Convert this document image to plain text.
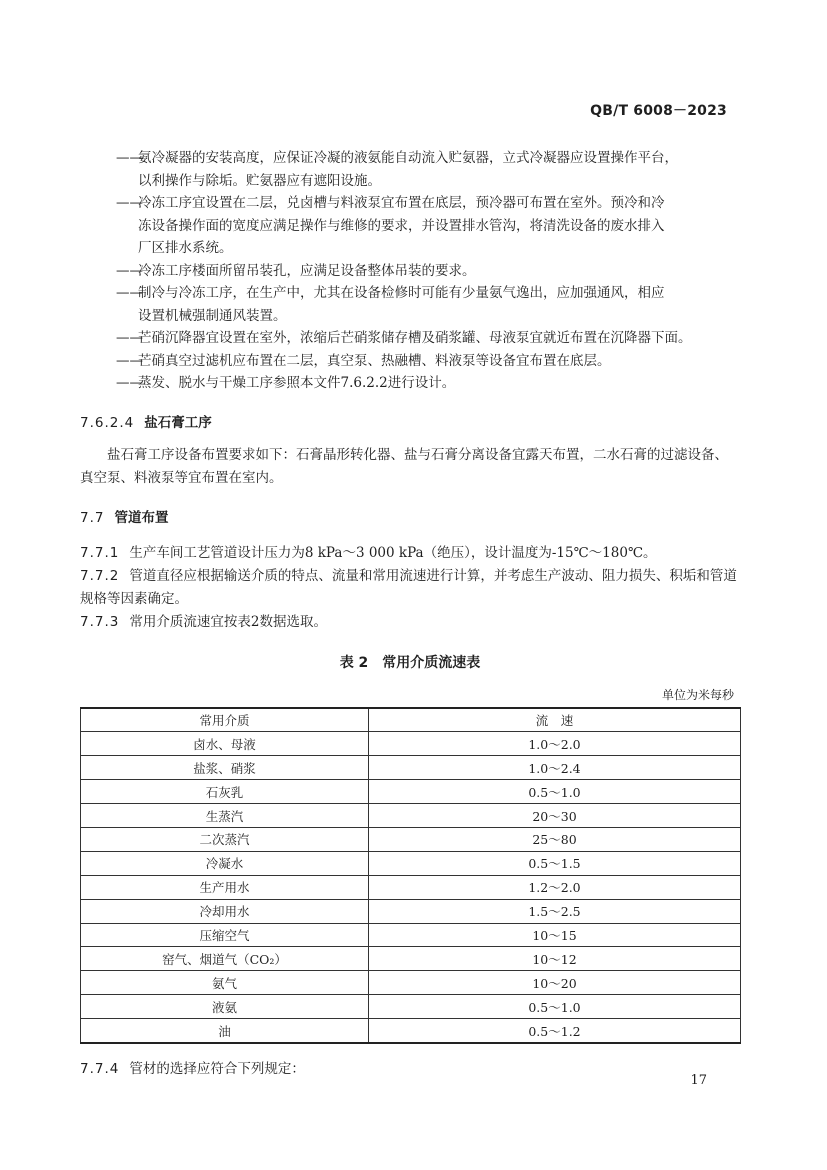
QB/T 6008－2023

——
氨冷凝器的安装高度，应保证冷凝的液氨能自动流入贮氨器，立式冷凝器应设置操作平台，
以利操作与除垢。贮氨器应有遮阳设施。

——
冷冻工序宜设置在二层，兑卤槽与料液泵宜布置在底层，预冷器可布置在室外。预冷和冷
冻设备操作面的宽度应满足操作与维修的要求，并设置排水管沟，将清洗设备的废水排入
厂区排水系统。

——
冷冻工序楼面所留吊装孔，应满足设备整体吊装的要求。

——
制冷与冷冻工序，在生产中，尤其在设备检修时可能有少量氨气逸出，应加强通风，相应
设置机械强制通风装置。

——
芒硝沉降器宜设置在室外，浓缩后芒硝浆储存槽及硝浆罐、母液泵宜就近布置在沉降器下面。

——
芒硝真空过滤机应布置在二层，真空泵、热融槽、料液泵等设备宜布置在底层。

——
蒸发、脱水与干燥工序参照本文件7.6.2.2进行设计。

7.6.2.4 盐石膏工序

盐石膏工序设备布置要求如下：石膏晶形转化器、盐与石膏分离设备宜露天布置，二水石膏的过滤设备、真空泵、料液泵等宜布置在室内。

7.7 管道布置

7.7.1 生产车间工艺管道设计压力为8 kPa～3 000 kPa（绝压），设计温度为-15℃～180℃。

7.7.2 管道直径应根据输送介质的特点、流量和常用流速进行计算，并考虑生产波动、阻力损失、积垢和管道规格等因素确定。

7.7.3 常用介质流速宜按表2数据选取。

表 2　常用介质流速表

单位为米每秒

常用介质	流　速
卤水、母液	1.0～2.0
盐浆、硝浆	1.0～2.4
石灰乳	0.5～1.0
生蒸汽	20～30
二次蒸汽	25～80
冷凝水	0.5～1.5
生产用水	1.2～2.0
冷却用水	1.5～2.5
压缩空气	10～15
窑气、烟道气（CO₂）	10～12
氨气	10～20
液氨	0.5～1.0
油	0.5～1.2

7.7.4 管材的选择应符合下列规定：

17
